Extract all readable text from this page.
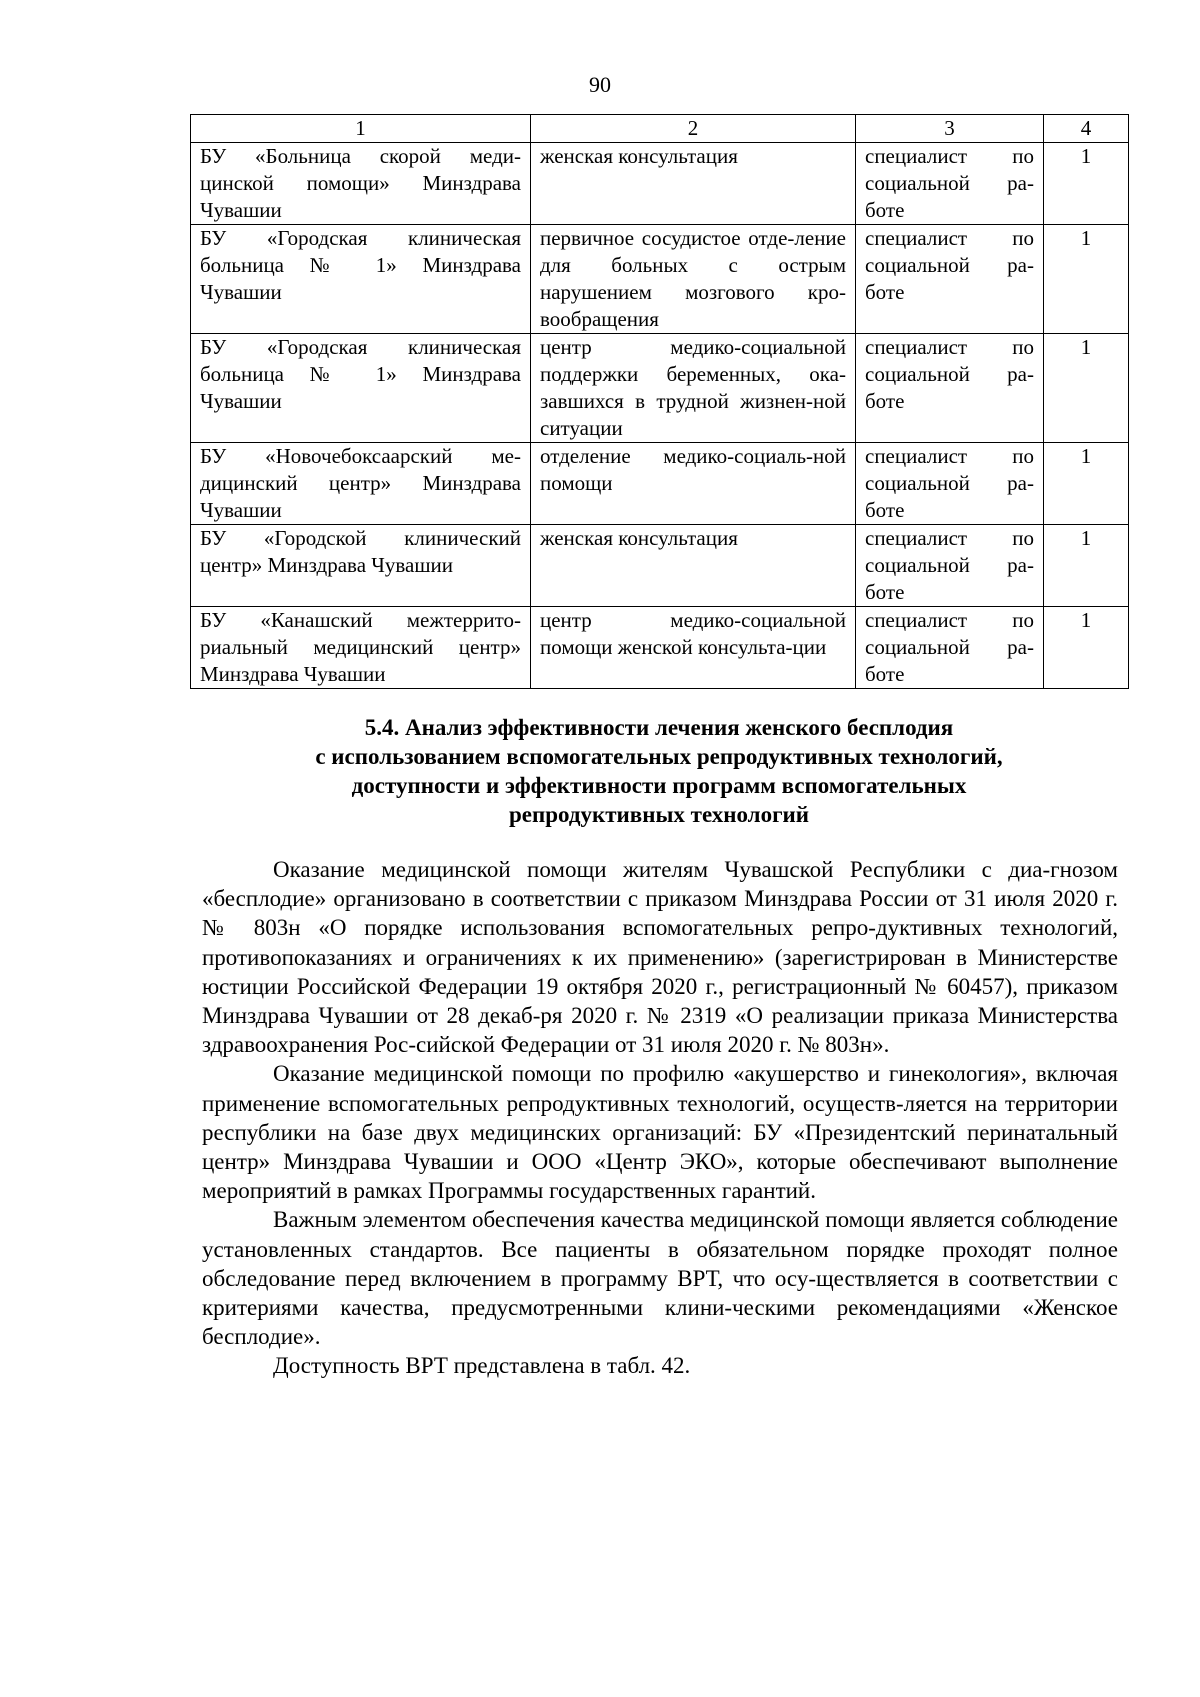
90
1	2	3	4
БУ «Больница скорой меди-цинской помощи» Минздрава Чувашии	женская консультация	специалист по социальной ра-боте	1
БУ «Городская клиническая больница № 1» Минздрава Чувашии	первичное сосудистое отде-ление для больных с острым нарушением мозгового кро-вообращения	специалист по социальной ра-боте	1
БУ «Городская клиническая больница № 1» Минздрава Чувашии	центр медико-социальной поддержки беременных, ока-завшихся в трудной жизнен-ной ситуации	специалист по социальной ра-боте	1
БУ «Новочебоксаарский ме-дицинский центр» Минздрава Чувашии	отделение медико-социаль-ной помощи	специалист по социальной ра-боте	1
БУ «Городской клинический центр» Минздрава Чувашии	женская консультация	специалист по социальной ра-боте	1
БУ «Канашский межтеррито-риальный медицинский центр» Минздрава Чувашии	центр медико-социальной помощи женской консульта-ции	специалист по социальной ра-боте	1
5.4. Анализ эффективности лечения женского бесплодия
с использованием вспомогательных репродуктивных технологий,
доступности и эффективности программ вспомогательных
репродуктивных технологий

Оказание медицинской помощи жителям Чувашской Республики с диа-гнозом «бесплодие» организовано в соответствии с приказом Минздрава России от 31 июля 2020 г. № 803н «О порядке использования вспомогательных репро-дуктивных технологий, противопоказаниях и ограничениях к их применению» (зарегистрирован в Министерстве юстиции Российской Федерации 19 октября 2020 г., регистрационный № 60457), приказом Минздрава Чувашии от 28 декаб-ря 2020 г. № 2319 «О реализации приказа Министерства здравоохранения Рос-сийской Федерации от 31 июля 2020 г. № 803н».

Оказание медицинской помощи по профилю «акушерство и гинекология», включая применение вспомогательных репродуктивных технологий, осуществ-ляется на территории республики на базе двух медицинских организаций: БУ «Президентский перинатальный центр» Минздрава Чувашии и ООО «Центр ЭКО», которые обеспечивают выполнение мероприятий в рамках Программы государственных гарантий.

Важным элементом обеспечения качества медицинской помощи является соблюдение установленных стандартов. Все пациенты в обязательном порядке проходят полное обследование перед включением в программу ВРТ, что осу-ществляется в соответствии с критериями качества, предусмотренными клини-ческими рекомендациями «Женское бесплодие».

Доступность ВРТ представлена в табл. 42.
